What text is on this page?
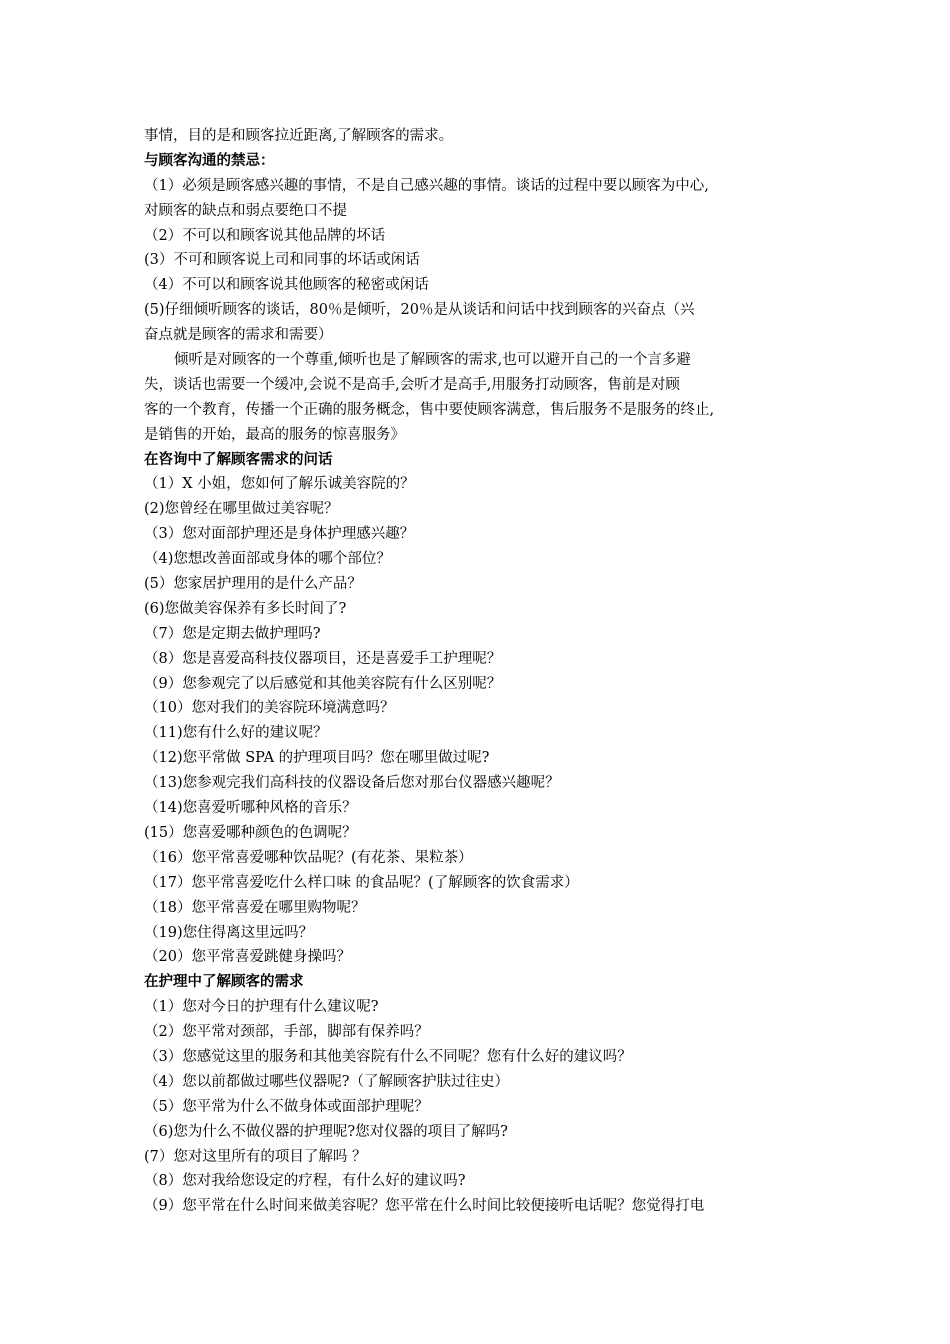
事情，目的是和顾客拉近距离,了解顾客的需求。
与顾客沟通的禁忌：
（1）必须是顾客感兴趣的事情，不是自己感兴趣的事情。谈话的过程中要以顾客为中心,
对顾客的缺点和弱点要绝口不提
（2）不可以和顾客说其他品牌的坏话
(3）不可和顾客说上司和同事的坏话或闲话
（4）不可以和顾客说其他顾客的秘密或闲话
(5)仔细倾听顾客的谈话，80％是倾听，20％是从谈话和问话中找到顾客的兴奋点（兴
奋点就是顾客的需求和需要）
倾听是对顾客的一个尊重,倾听也是了解顾客的需求,也可以避开自己的一个言多避
失，谈话也需要一个缓冲,会说不是高手,会听才是高手,用服务打动顾客，售前是对顾
客的一个教育，传播一个正确的服务概念，售中要使顾客满意，售后服务不是服务的终止,
是销售的开始，最高的服务的惊喜服务》
在咨询中了解顾客需求的问话
（1）X 小姐，您如何了解乐诚美容院的？
(2)您曾经在哪里做过美容呢？
（3）您对面部护理还是身体护理感兴趣？
（4)您想改善面部或身体的哪个部位？
(5）您家居护理用的是什么产品？
(6)您做美容保养有多长时间了?
（7）您是定期去做护理吗?
（8）您是喜爱高科技仪器项目，还是喜爱手工护理呢？
（9）您参观完了以后感觉和其他美容院有什么区别呢？
（10）您对我们的美容院环境满意吗？
（11)您有什么好的建议呢？
（12)您平常做 SPA 的护理项目吗？您在哪里做过呢?
（13)您参观完我们高科技的仪器设备后您对那台仪器感兴趣呢？
（14)您喜爱听哪种风格的音乐？
(15）您喜爱哪种颜色的色调呢？
（16）您平常喜爱哪种饮品呢？(有花茶、果粒茶）
（17）您平常喜爱吃什么样口味 的食品呢？(了解顾客的饮食需求）
（18）您平常喜爱在哪里购物呢？
（19)您住得离这里远吗？
（20）您平常喜爱跳健身操吗？
在护理中了解顾客的需求
（1）您对今日的护理有什么建议呢?
（2）您平常对颈部，手部，脚部有保养吗？
（3）您感觉这里的服务和其他美容院有什么不同呢？您有什么好的建议吗？
（4）您以前都做过哪些仪器呢?（了解顾客护肤过往史）
（5）您平常为什么不做身体或面部护理呢？
（6)您为什么不做仪器的护理呢?您对仪器的项目了解吗?
(7）您对这里所有的项目了解吗 ？
（8）您对我给您设定的疗程，有什么好的建议吗?
（9）您平常在什么时间来做美容呢？您平常在什么时间比较便接听电话呢？您觉得打电
